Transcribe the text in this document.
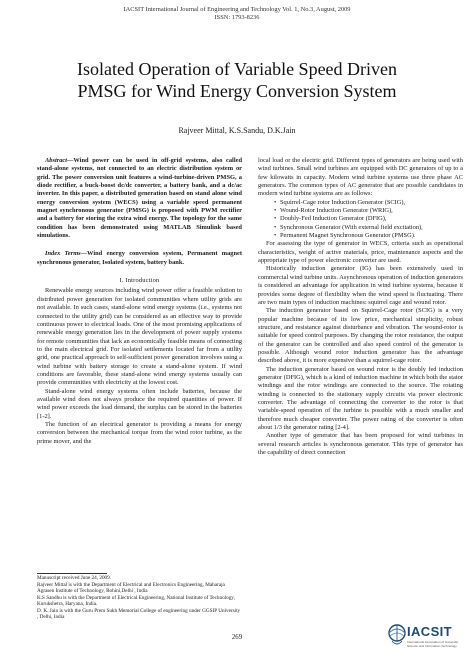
IACSIT International Journal of Engineering and Technology Vol. 1, No.3, August, 2009
ISSN: 1793-8236
Isolated Operation of Variable Speed Driven
PMSG for Wind Energy Conversion System
Rajveer Mittal, K.S.Sandu, D.K.Jain

Abstract—Wind power can be used in off-grid systems, also called stand-alone systems, not connected to an electric distribution system or grid. The power conversion unit features a wind-turbine-driven PMSG, a diode rectifier, a buck-boost dc/dc converter, a battery bank, and a dc/ac inverter. In this paper, a distributed generation based on stand alone wind energy conversion system (WECS) using a variable speed permanent magnet synchronous generator (PMSG) is proposed with PWM rectifier and a battery for storing the extra wind energy. The topology for the same condition has been demonstrated using MATLAB Simulink based simulations.

Index Terms—Wind energy conversion system, Permanent magnet synchronous generator, Isolated system, battery bank.

I. Introduction

Renewable energy sources including wind power offer a feasible solution to distributed power generation for isolated communities where utility grids are not available. In such cases, stand-alone wind energy systems (i.e., systems not connected to the utility grid) can be considered as an effective way to provide continuous power to electrical loads. One of the most promising applications of renewable energy generation lies in the development of power supply systems for remote communities that lack an economically feasible means of connecting to the main electrical grid. For isolated settlements located far from a utility grid, one practical approach to self-sufficient power generation involves using a wind turbine with battery storage to create a stand-alone system. If wind conditions are favorable, these stand-alone wind energy systems usually can provide communities with electricity at the lowest cost.

Stand-alone wind energy systems often include batteries, because the available wind does not always produce the required quantities of power. If wind power exceeds the load demand, the surplus can be stored in the batteries [1-2].

The function of an electrical generator is providing a means for energy conversion between the mechanical torque from the wind rotor turbine, as the prime mover, and the

local load or the electric grid. Different types of generators are being used with wind turbines. Small wind turbines are equipped with DC generators of up to a few kilowatts in capacity. Modern wind turbine systems use three phase AC generators. The common types of AC generator that are possible candidates in modern wind turbine systems are as follows:

• Squirrel-Cage rotor Induction Generator (SCIG),
• Wound-Rotor Induction Generator (WRIG),
• Doubly-Fed Induction Generator (DFIG),
• Synchronous Generator (With external field excitation),
• Permanent Magnet Synchronous Generator (PMSG).

For assessing the type of generator in WECS, criteria such as operational characteristics, weight of active materials, price, maintenance aspects and the appropriate type of power electronic converter are used.

Historically induction generator (IG) has been extensively used in commercial wind turbine units. Asynchronous operation of induction generators is considered an advantage for application in wind turbine systems, because it provides some degree of flexibility when the wind speed is fluctuating. There are two main types of induction machines: squirrel cage and wound rotor.

The induction generator based on Squirrel-Cage rotor (SCIG) is a very popular machine because of its low price, mechanical simplicity, robust structure, and resistance against disturbance and vibration. The wound-rotor is suitable for speed control purposes. By changing the rotor resistance, the output of the generator can be controlled and also speed control of the generator is possible. Although wound rotor induction generator has the advantage described above, it is more expensive than a squirrel-cage rotor.

The induction generator based on wound rotor is the doubly fed induction generator (DFIG), which is a kind of induction machine in which both the stator windings and the rotor windings are connected to the source. The rotating winding is connected to the stationary supply circuits via power electronic converter. The advantage of connecting the converter to the rotor is that variable-speed operation of the turbine is possible with a much smaller and therefore much cheaper converter. The power rating of the converter is often about 1/3 the generator rating [2-4].

Another type of generator that has been proposed for wind turbines in several research articles is synchronous generator. This type of generator has the capability of direct connection

Manuscript received June 24, 2009.
Rajveer Mittal is with the Department of Electrical and Electronics Engineering, Maharaja Agrasen Institute of Technology, Rohini,Delhi , India
K.S Sandhu is with the Department of Electrical Engineering, National Institute of Technology, Kurukshetra, Haryana, India.
D. K. Jain is with the Guru Prem Sukh Memorial College of engineering under GGSIP University , Delhi, India
269	IACSIT
International Association of Computer Science and Information Technology
